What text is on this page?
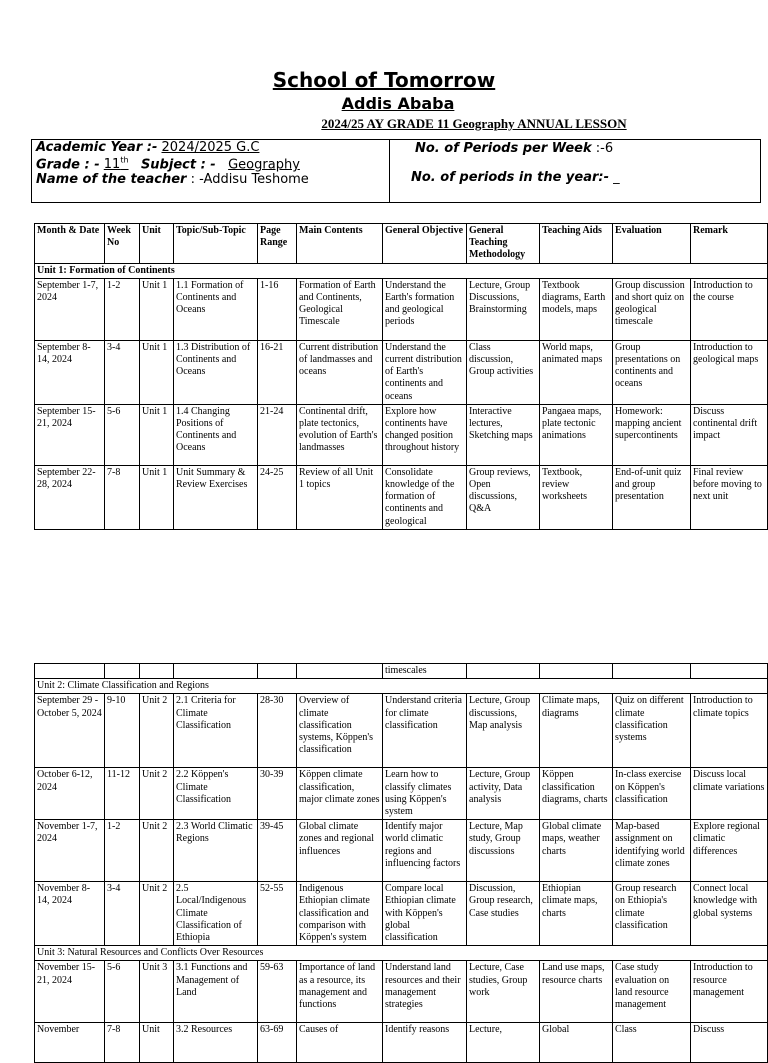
School of Tomorrow
Addis Ababa
2024/25 AY GRADE 11 Geography ANNUAL LESSON
Academic Year :- 2024/2025 G.C
Grade : - 11th Subject : - Geography
Name of the teacher : -Addisu Teshome
No. of Periods per Week :-6
No. of periods in the year:- _
Month & Date	Week No	Unit	Topic/Sub-Topic	Page Range	Main Contents	General Objective	General Teaching Methodology	Teaching Aids	Evaluation	Remark
Unit 1: Formation of Continents										
September 1-7, 2024	1-2	Unit 1	1.1 Formation of Continents and Oceans	1-16	Formation of Earth and Continents, Geological Timescale	Understand the Earth's formation and geological periods	Lecture, Group Discussions, Brainstorming	Textbook diagrams, Earth models, maps	Group discussion and short quiz on geological timescale	Introduction to the course
September 8-14, 2024	3-4	Unit 1	1.3 Distribution of Continents and Oceans	16-21	Current distribution of landmasses and oceans	Understand the current distribution of Earth's continents and oceans	Class discussion, Group activities	World maps, animated maps	Group presentations on continents and oceans	Introduction to geological maps
September 15-21, 2024	5-6	Unit 1	1.4 Changing Positions of Continents and Oceans	21-24	Continental drift, plate tectonics, evolution of Earth's landmasses	Explore how continents have changed position throughout history	Interactive lectures, Sketching maps	Pangaea maps, plate tectonic animations	Homework: mapping ancient supercontinents	Discuss continental drift impact
September 22-28, 2024	7-8	Unit 1	Unit Summary & Review Exercises	24-25	Review of all Unit 1 topics	Consolidate knowledge of the formation of continents and geological	Group reviews, Open discussions, Q&A	Textbook, review worksheets	End-of-unit quiz and group presentation	Final review before moving to next unit
						timescales				
Unit 2: Climate Classification and Regions										
September 29 - October 5, 2024	9-10	Unit 2	2.1 Criteria for Climate Classification	28-30	Overview of climate classification systems, Köppen's classification	Understand criteria for climate classification	Lecture, Group discussions, Map analysis	Climate maps, diagrams	Quiz on different climate classification systems	Introduction to climate topics
October 6-12, 2024	11-12	Unit 2	2.2 Köppen's Climate Classification	30-39	Köppen climate classification, major climate zones	Learn how to classify climates using Köppen's system	Lecture, Group activity, Data analysis	Köppen classification diagrams, charts	In-class exercise on Köppen's classification	Discuss local climate variations
November 1-7, 2024	1-2	Unit 2	2.3 World Climatic Regions	39-45	Global climate zones and regional influences	Identify major world climatic regions and influencing factors	Lecture, Map study, Group discussions	Global climate maps, weather charts	Map-based assignment on identifying world climate zones	Explore regional climatic differences
November 8-14, 2024	3-4	Unit 2	2.5 Local/Indigenous Climate Classification of Ethiopia	52-55	Indigenous Ethiopian climate classification and comparison with Köppen's system	Compare local Ethiopian climate with Köppen's global classification	Discussion, Group research, Case studies	Ethiopian climate maps, charts	Group research on Ethiopia's climate classification	Connect local knowledge with global systems
Unit 3: Natural Resources and Conflicts Over Resources										
November 15-21, 2024	5-6	Unit 3	3.1 Functions and Management of Land	59-63	Importance of land as a resource, its management and functions	Understand land resources and their management strategies	Lecture, Case studies, Group work	Land use maps, resource charts	Case study evaluation on land resource management	Introduction to resource management
November	7-8	Unit	3.2 Resources	63-69	Causes of	Identify reasons	Lecture,	Global	Class	Discuss
